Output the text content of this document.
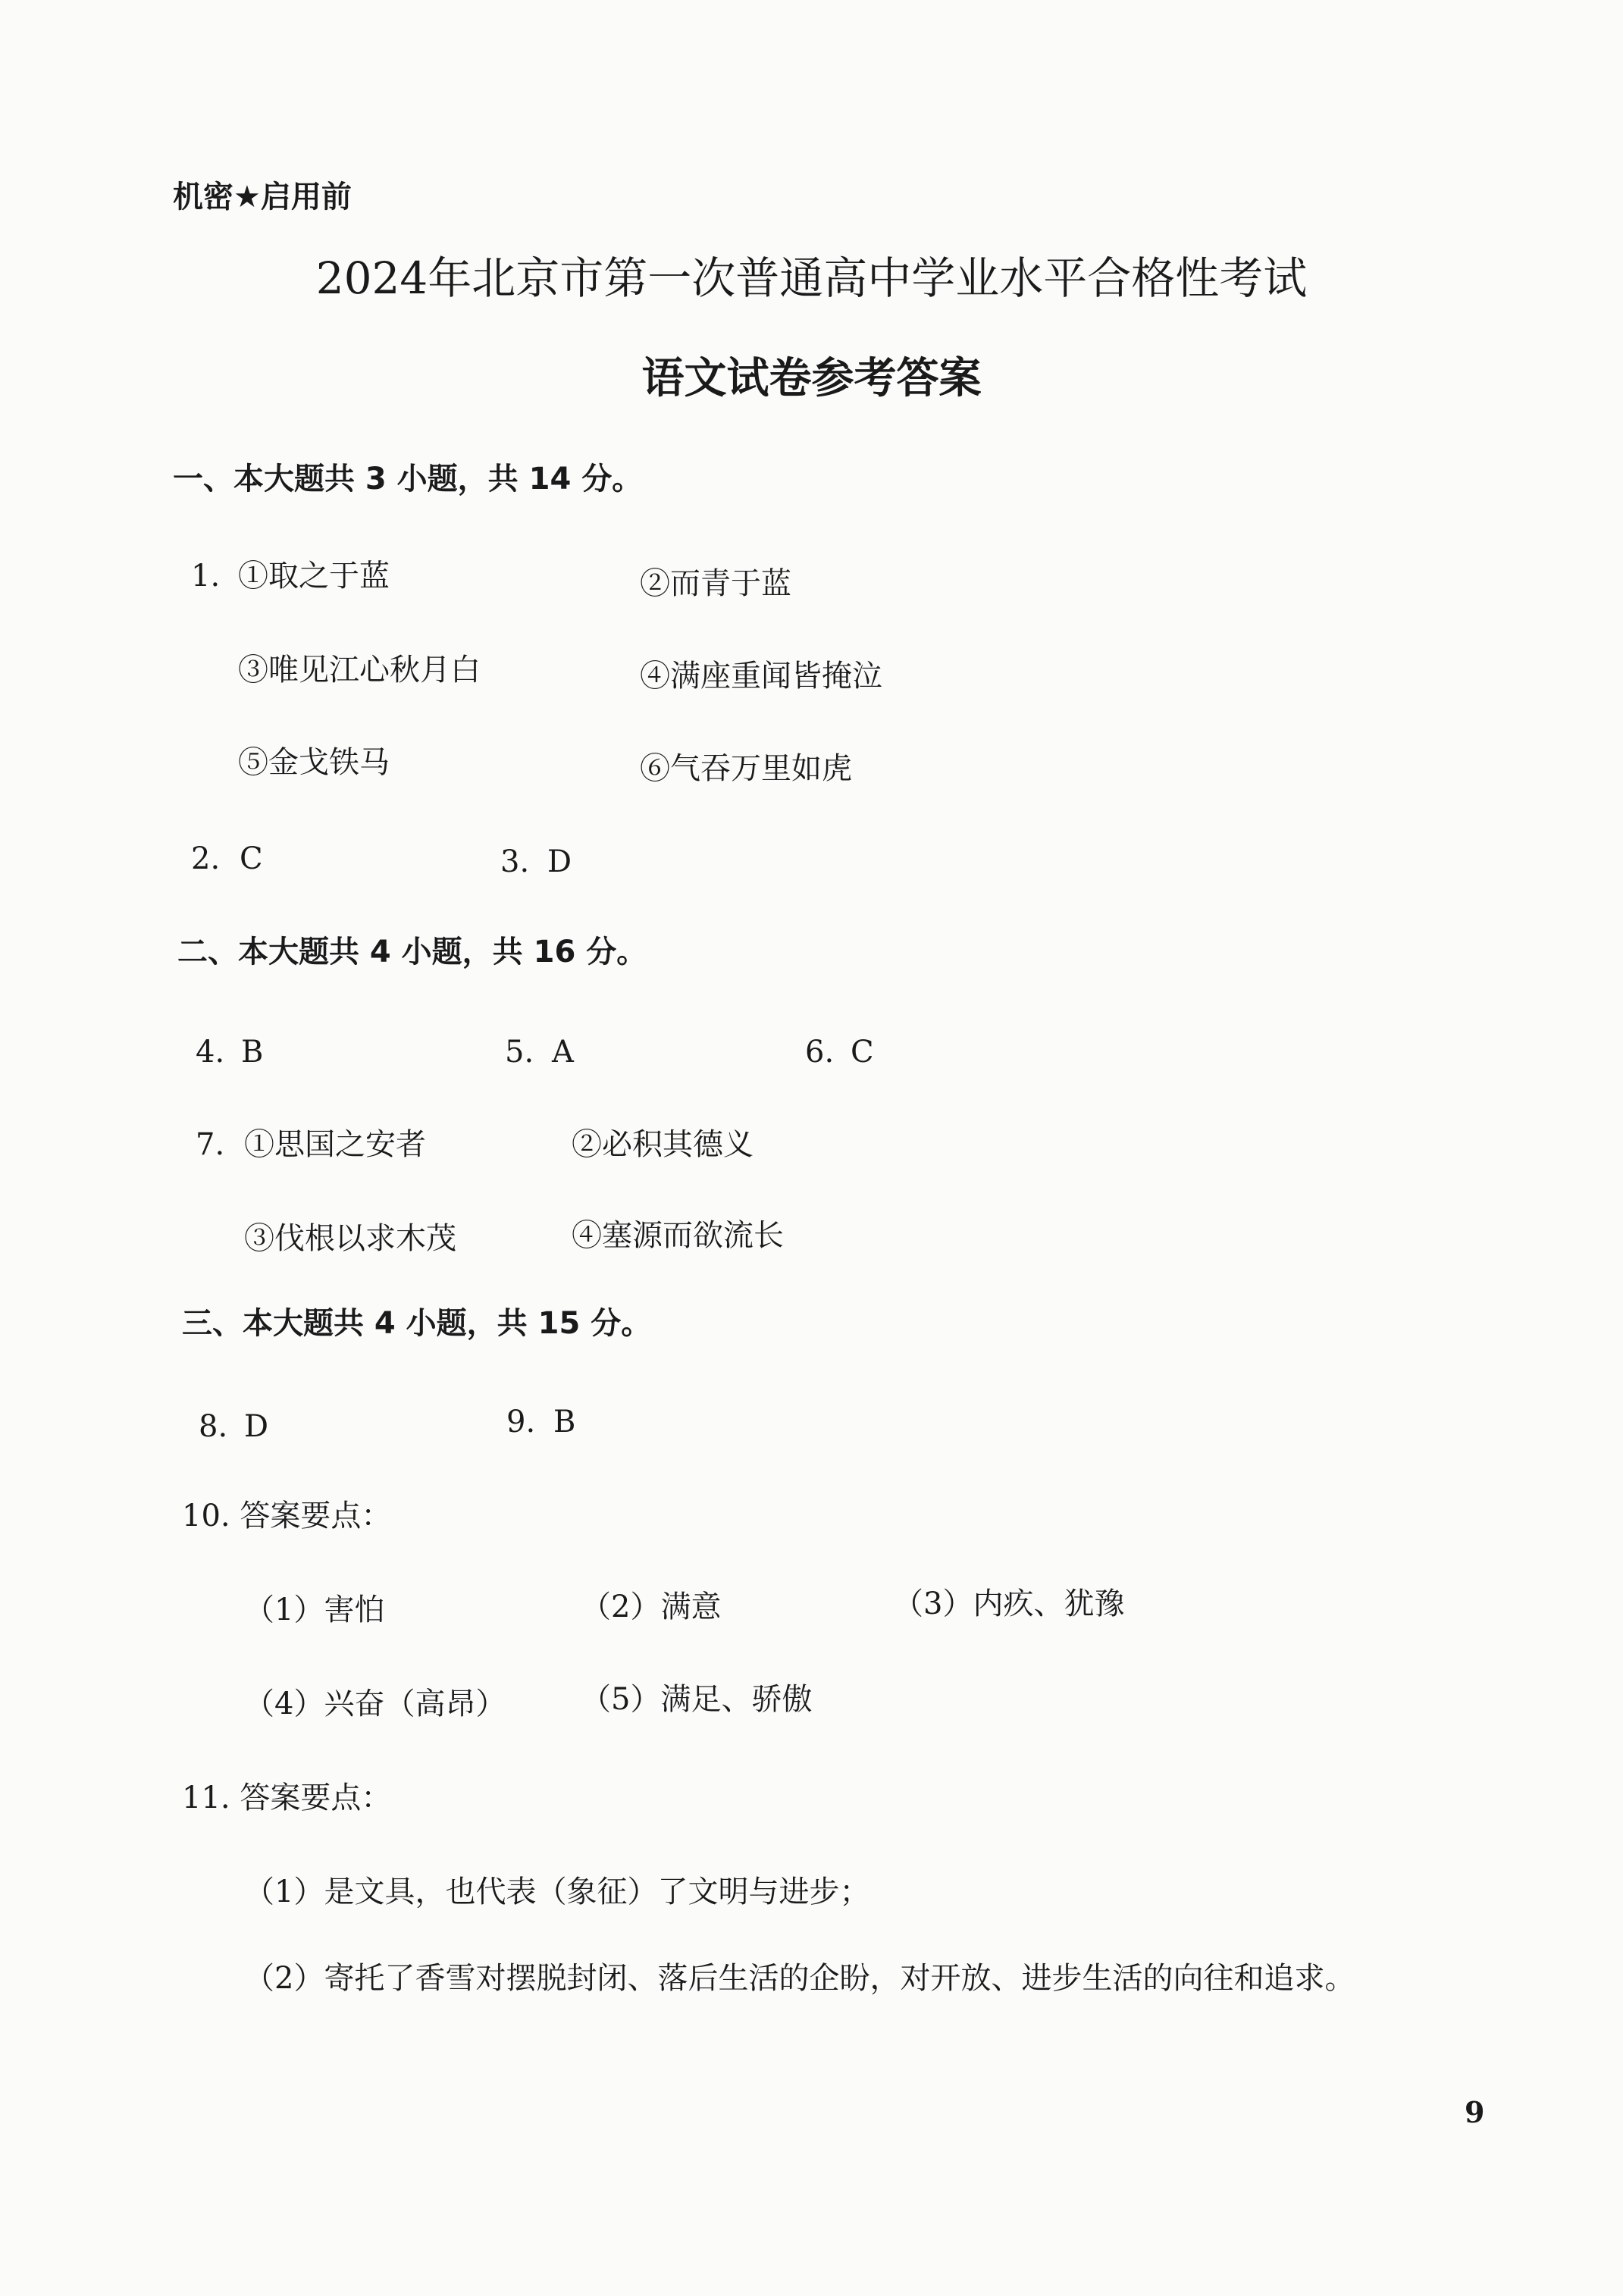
机密★启用前
2024年北京市第一次普通高中学业水平合格性考试
语文试卷参考答案
一、本大题共 3 小题，共 14 分。
1. ①取之于蓝	②而青于蓝
③唯见江心秋月白	④满座重闻皆掩泣
⑤金戈铁马	⑥气吞万里如虎
2. C	3. D
二、本大题共 4 小题，共 16 分。
4. B	5. A	6. C
7. ①思国之安者	②必积其德义
③伐根以求木茂	④塞源而欲流长
三、本大题共 4 小题，共 15 分。
8. D	9. B
10. 答案要点：
（1）害怕	（2）满意	（3）内疚、犹豫
（4）兴奋（高昂） （5）满足、骄傲
11. 答案要点：
（1）是文具，也代表（象征）了文明与进步；
（2）寄托了香雪对摆脱封闭、落后生活的企盼，对开放、进步生活的向往和追求。
9
